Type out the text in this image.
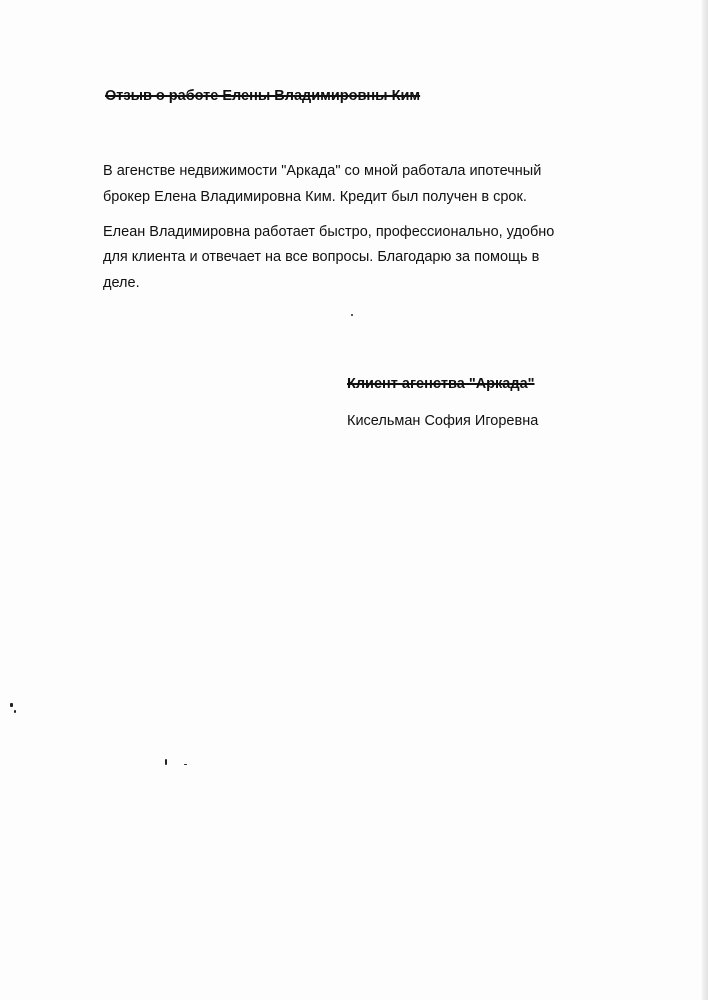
Отзыв о работе Елены Владимировны Ким

В агенстве недвижимости "Аркада" со мной работала ипотечный

брокер Елена Владимировна Ким. Кредит был получен в срок.

Елеан Владимировна работает быстро, профессионально, удобно

для клиента и отвечает на все вопросы. Благодарю за помощь в

деле.

Клиент агенства "Аркада"

Кисельман София Игоревна
